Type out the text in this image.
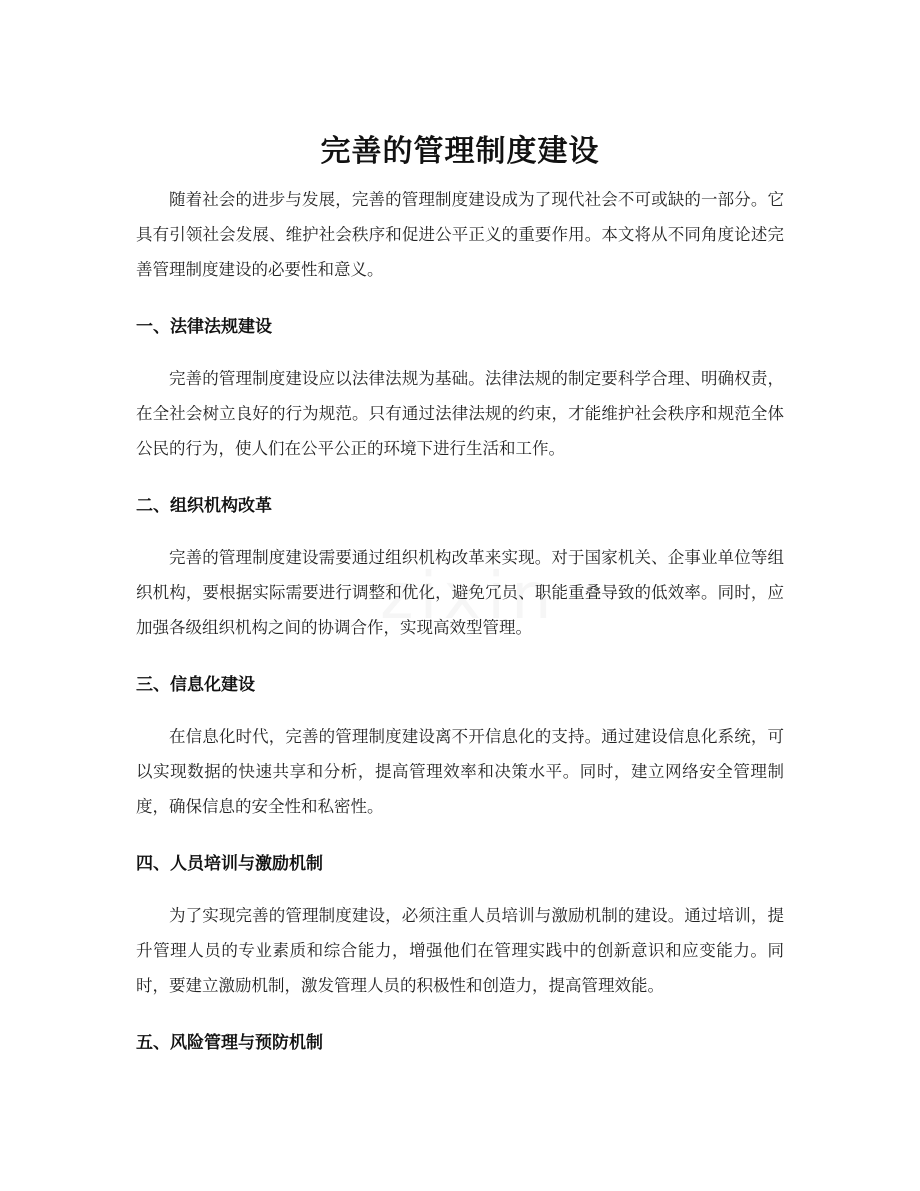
完善的管理制度建设

随着社会的进步与发展，完善的管理制度建设成为了现代社会不可或缺的一部分。它具有引领社会发展、维护社会秩序和促进公平正义的重要作用。本文将从不同角度论述完善管理制度建设的必要性和意义。

一、法律法规建设

完善的管理制度建设应以法律法规为基础。法律法规的制定要科学合理、明确权责，在全社会树立良好的行为规范。只有通过法律法规的约束，才能维护社会秩序和规范全体公民的行为，使人们在公平公正的环境下进行生活和工作。

二、组织机构改革

完善的管理制度建设需要通过组织机构改革来实现。对于国家机关、企事业单位等组织机构，要根据实际需要进行调整和优化，避免冗员、职能重叠导致的低效率。同时，应加强各级组织机构之间的协调合作，实现高效型管理。

三、信息化建设

在信息化时代，完善的管理制度建设离不开信息化的支持。通过建设信息化系统，可以实现数据的快速共享和分析，提高管理效率和决策水平。同时，建立网络安全管理制度，确保信息的安全性和私密性。

四、人员培训与激励机制

为了实现完善的管理制度建设，必须注重人员培训与激励机制的建设。通过培训，提升管理人员的专业素质和综合能力，增强他们在管理实践中的创新意识和应变能力。同时，要建立激励机制，激发管理人员的积极性和创造力，提高管理效能。

五、风险管理与预防机制
